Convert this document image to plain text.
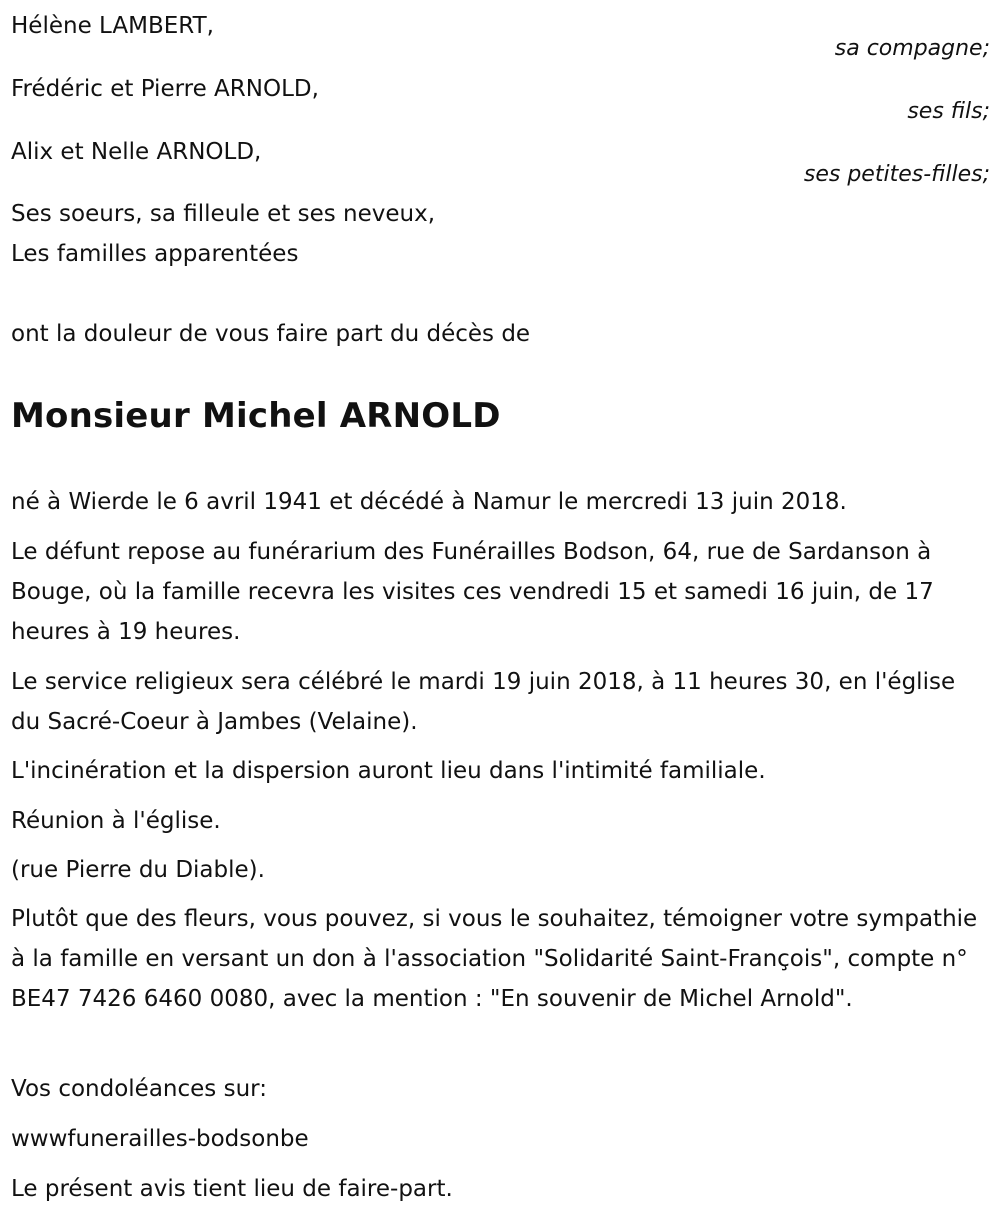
Hélène LAMBERT,
sa compagne;
Frédéric et Pierre ARNOLD,
ses fils;
Alix et Nelle ARNOLD,
ses petites-filles;
Ses soeurs, sa filleule et ses neveux,
Les familles apparentées
ont la douleur de vous faire part du décès de
Monsieur Michel ARNOLD
né à Wierde le 6 avril 1941 et décédé à Namur le mercredi 13 juin 2018.
Le défunt repose au funérarium des Funérailles Bodson, 64, rue de Sardanson à Bouge, où la famille recevra les visites ces vendredi 15 et samedi 16 juin, de 17 heures à 19 heures.
Le service religieux sera célébré le mardi 19 juin 2018, à 11 heures 30, en l'église du Sacré-Coeur à Jambes (Velaine).
L'incinération et la dispersion auront lieu dans l'intimité familiale.
Réunion à l'église.
(rue Pierre du Diable).
Plutôt que des fleurs, vous pouvez, si vous le souhaitez, témoigner votre sympathie à la famille en versant un don à l'association "Solidarité Saint-François", compte n° BE47 7426 6460 0080, avec la mention : "En souvenir de Michel Arnold".
Vos condoléances sur:
wwwfunerailles-bodsonbe
Le présent avis tient lieu de faire-part.
